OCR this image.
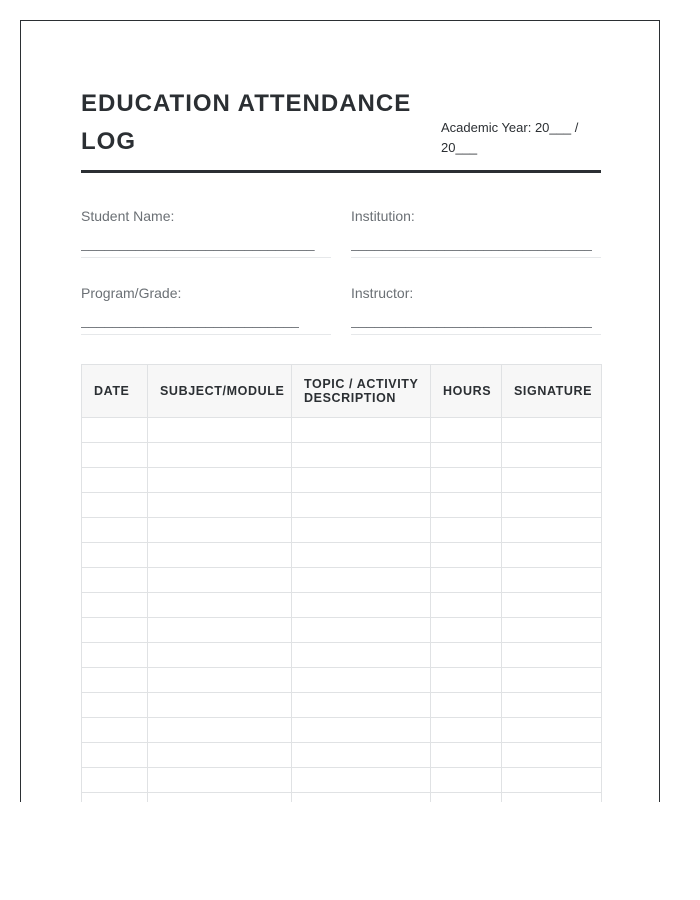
EDUCATION ATTENDANCE LOG
Academic Year: 20___ / 20___
Student Name:
______________________________
Institution:
_______________________________
Program/Grade:
____________________________
Instructor:
_______________________________
DATE	SUBJECT/MODULE	TOPIC / ACTIVITY DESCRIPTION	HOURS	SIGNATURE
